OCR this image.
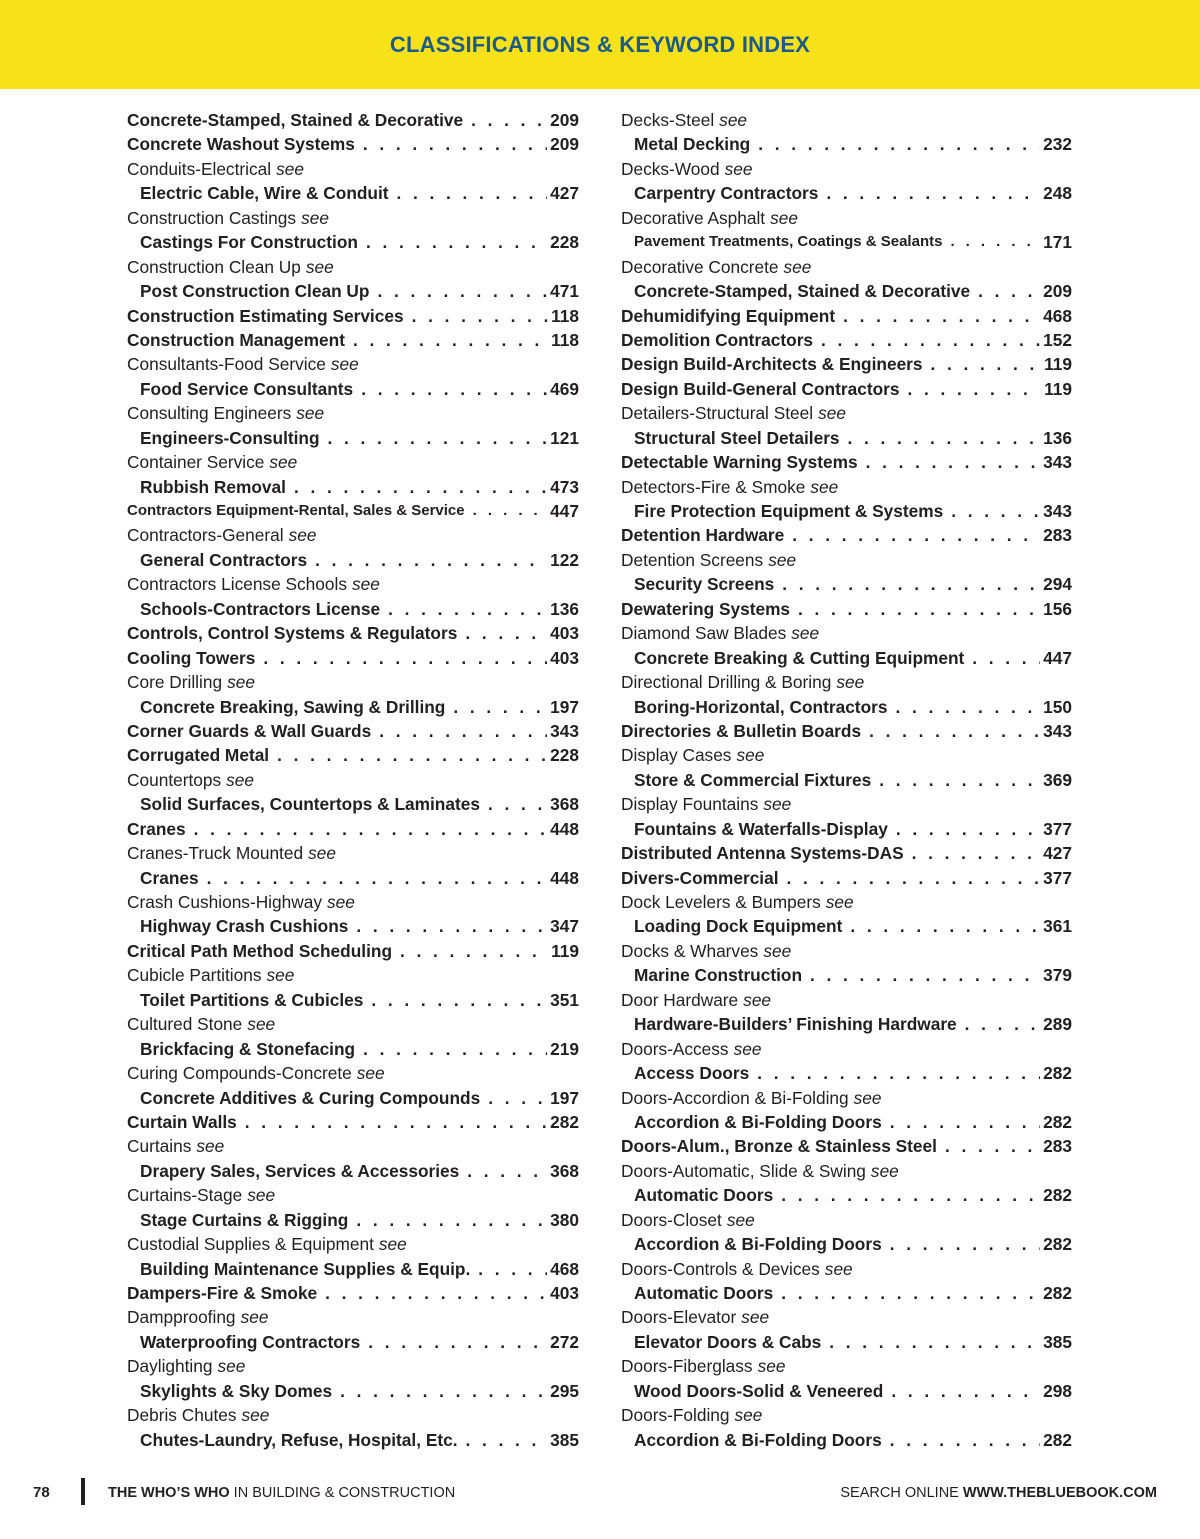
CLASSIFICATIONS & KEYWORD INDEX
Concrete-Stamped, Stained & Decorative . . .	209
Concrete Washout Systems . . .	209
Conduits-Electrical see
Electric Cable, Wire & Conduit . . .	427
Construction Castings see
Castings For Construction . . .	228
Construction Clean Up see
Post Construction Clean Up . . .	471
Construction Estimating Services . . .	118
Construction Management . . .	118
Consultants-Food Service see
Food Service Consultants . . .	469
Consulting Engineers see
Engineers-Consulting . . .	121
Container Service see
Rubbish Removal . . .	473
Contractors Equipment-Rental, Sales & Service . . .	447
Contractors-General see
General Contractors . . .	122
Contractors License Schools see
Schools-Contractors License . . .	136
Controls, Control Systems & Regulators . . .	403
Cooling Towers . . .	403
Core Drilling see
Concrete Breaking, Sawing & Drilling . . .	197
Corner Guards & Wall Guards . . .	343
Corrugated Metal . . .	228
Countertops see
Solid Surfaces, Countertops & Laminates . . .	368
Cranes . . .	448
Cranes-Truck Mounted see
Cranes . . .	448
Crash Cushions-Highway see
Highway Crash Cushions . . .	347
Critical Path Method Scheduling . . .	119
Cubicle Partitions see
Toilet Partitions & Cubicles . . .	351
Cultured Stone see
Brickfacing & Stonefacing . . .	219
Curing Compounds-Concrete see
Concrete Additives & Curing Compounds . . .	197
Curtain Walls . . .	282
Curtains see
Drapery Sales, Services & Accessories . . .	368
Curtains-Stage see
Stage Curtains & Rigging . . .	380
Custodial Supplies & Equipment see
Building Maintenance Supplies & Equip. . . .	468
Dampers-Fire & Smoke . . .	403
Dampproofing see
Waterproofing Contractors . . .	272
Daylighting see
Skylights & Sky Domes . . .	295
Debris Chutes see
Chutes-Laundry, Refuse, Hospital, Etc. . . .	385
Decks-Steel see
Metal Decking . . .	232
Decks-Wood see
Carpentry Contractors . . .	248
Decorative Asphalt see
Pavement Treatments, Coatings & Sealants . . .	171
Decorative Concrete see
Concrete-Stamped, Stained & Decorative . . .	209
Dehumidifying Equipment . . .	468
Demolition Contractors . . .	152
Design Build-Architects & Engineers . . .	119
Design Build-General Contractors . . .	119
Detailers-Structural Steel see
Structural Steel Detailers . . .	136
Detectable Warning Systems . . .	343
Detectors-Fire & Smoke see
Fire Protection Equipment & Systems . . .	343
Detention Hardware . . .	283
Detention Screens see
Security Screens . . .	294
Dewatering Systems . . .	156
Diamond Saw Blades see
Concrete Breaking & Cutting Equipment . . .	447
Directional Drilling & Boring see
Boring-Horizontal, Contractors . . .	150
Directories & Bulletin Boards . . .	343
Display Cases see
Store & Commercial Fixtures . . .	369
Display Fountains see
Fountains & Waterfalls-Display . . .	377
Distributed Antenna Systems-DAS . . .	427
Divers-Commercial . . .	377
Dock Levelers & Bumpers see
Loading Dock Equipment . . .	361
Docks & Wharves see
Marine Construction . . .	379
Door Hardware see
Hardware-Builders’ Finishing Hardware . . .	289
Doors-Access see
Access Doors . . .	282
Doors-Accordion & Bi-Folding see
Accordion & Bi-Folding Doors . . .	282
Doors-Alum., Bronze & Stainless Steel . . .	283
Doors-Automatic, Slide & Swing see
Automatic Doors . . .	282
Doors-Closet see
Accordion & Bi-Folding Doors . . .	282
Doors-Controls & Devices see
Automatic Doors . . .	282
Doors-Elevator see
Elevator Doors & Cabs . . .	385
Doors-Fiberglass see
Wood Doors-Solid & Veneered . . .	298
Doors-Folding see
Accordion & Bi-Folding Doors . . .	282
78	THE WHO’S WHO IN BUILDING & CONSTRUCTION	SEARCH ONLINE WWW.THEBLUEBOOK.COM
